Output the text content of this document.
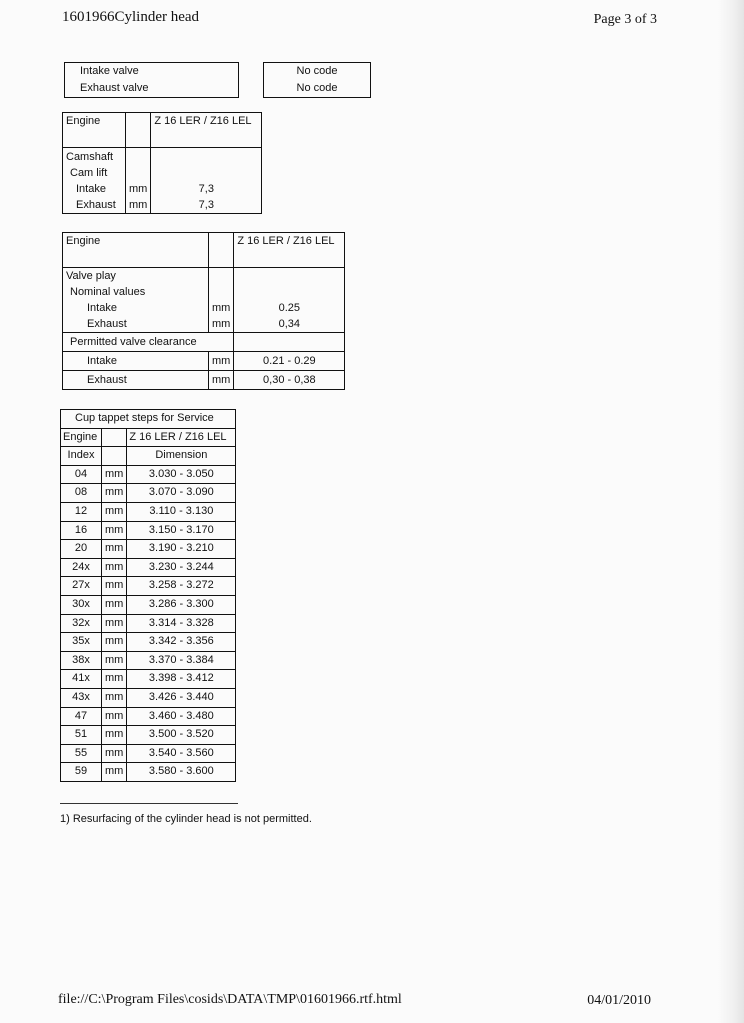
1601966Cylinder head	Page 3 of 3
Intake valve		No code
Exhaust valve		No code
Engine		Z 16 LER / Z16 LEL
Camshaft		
Cam lift		
Intake	mm	7,3
Exhaust	mm	7,3
Engine		Z 16 LER / Z16 LEL
Valve play		
Nominal values		
Intake	mm	0.25
Exhaust	mm	0,34
Permitted valve clearance		
Intake	mm	0.21 - 0.29
Exhaust	mm	0,30 - 0,38
Cup tappet steps for Service		
Engine		Z 16 LER / Z16 LEL
Index		Dimension
04	mm	3.030 - 3.050
08	mm	3.070 - 3.090
12	mm	3.110 - 3.130
16	mm	3.150 - 3.170
20	mm	3.190 - 3.210
24x	mm	3.230 - 3.244
27x	mm	3.258 - 3.272
30x	mm	3.286 - 3.300
32x	mm	3.314 - 3.328
35x	mm	3.342 - 3.356
38x	mm	3.370 - 3.384
41x	mm	3.398 - 3.412
43x	mm	3.426 - 3.440
47	mm	3.460 - 3.480
51	mm	3.500 - 3.520
55	mm	3.540 - 3.560
59	mm	3.580 - 3.600
1) Resurfacing of the cylinder head is not permitted.
file://C:\Program Files\cosids\DATA\TMP\01601966.rtf.html	04/01/2010
